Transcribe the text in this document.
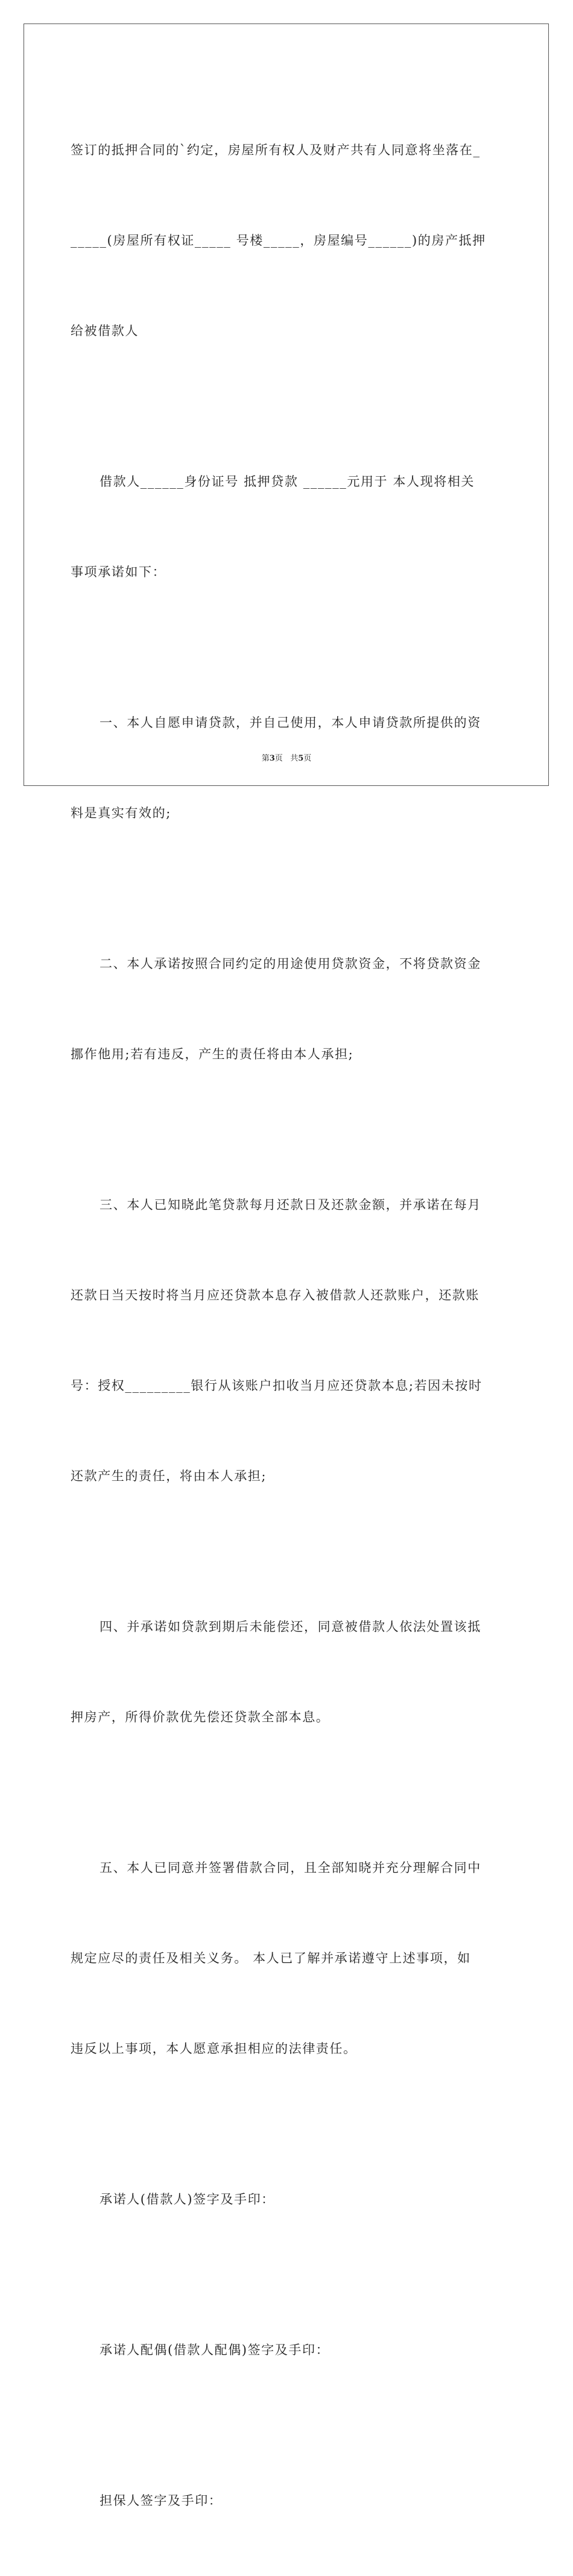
签订的抵押合同的`约定，房屋所有权人及财产共有人同意将坐落在_

_____(房屋所有权证_____ 号楼_____，房屋编号______)的房产抵押

给被借款人

借款人______身份证号 抵押贷款 ______元用于 本人现将相关

事项承诺如下：

一、本人自愿申请贷款，并自己使用，本人申请贷款所提供的资

料是真实有效的;

二、本人承诺按照合同约定的用途使用贷款资金，不将贷款资金

挪作他用;若有违反，产生的责任将由本人承担;

三、本人已知晓此笔贷款每月还款日及还款金额，并承诺在每月

还款日当天按时将当月应还贷款本息存入被借款人还款账户，还款账

号：授权_________银行从该账户扣收当月应还贷款本息;若因未按时

还款产生的责任，将由本人承担;

四、并承诺如贷款到期后未能偿还，同意被借款人依法处置该抵

押房产，所得价款优先偿还贷款全部本息。

五、本人已同意并签署借款合同，且全部知晓并充分理解合同中

规定应尽的责任及相关义务。 本人已了解并承诺遵守上述事项，如

违反以上事项，本人愿意承担相应的法律责任。

承诺人(借款人)签字及手印：

承诺人配偶(借款人配偶)签字及手印：

担保人签字及手印：

第3页 共5页
